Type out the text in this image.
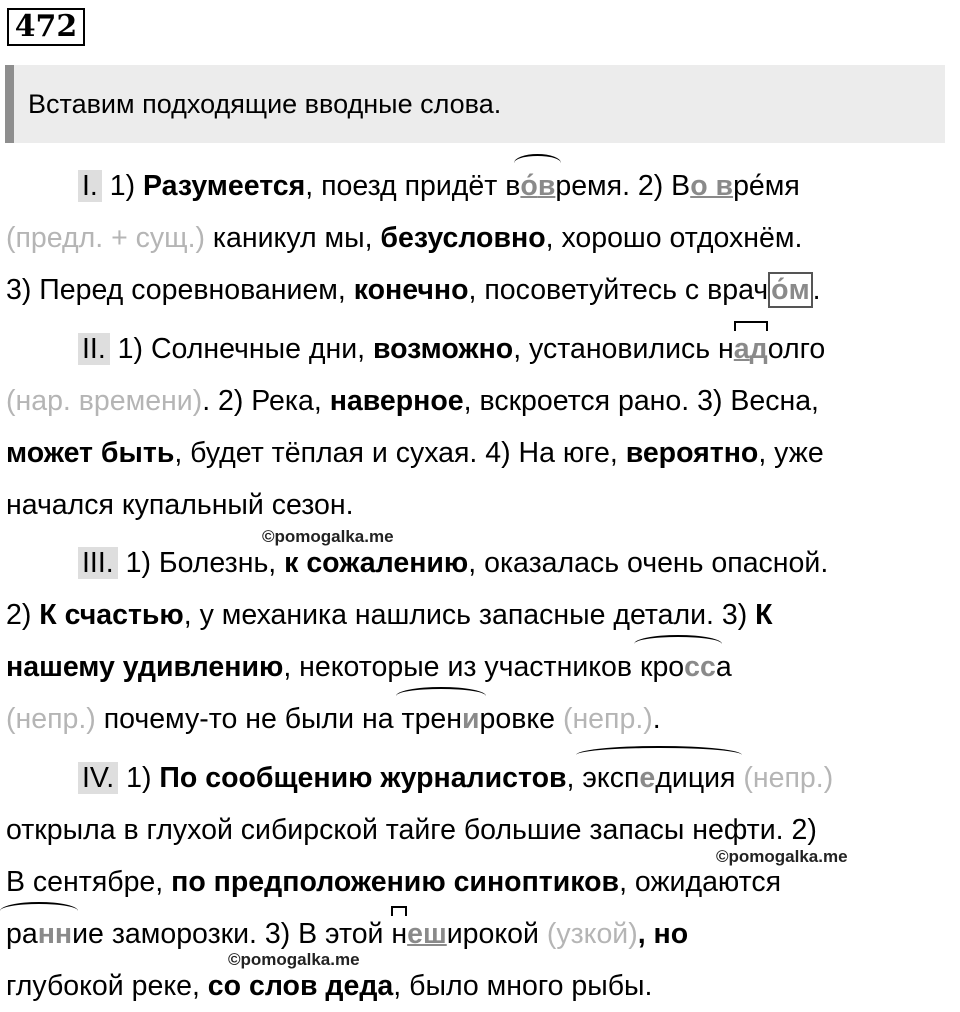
472
Вставим подходящие вводные слова.
I. 1) Разумеется, поезд придёт во́время. 2) Во вре́мя
(предл. + сущ.) каникул мы, безусловно, хорошо отдохнём.
3) Перед соревнованием, конечно, посоветуйтесь с врач о́м .
II. 1) Солнечные дни, возможно, установились надолго
(нар. времени). 2) Река, наверное, вскроется рано. 3) Весна,
может быть, будет тёплая и сухая. 4) На юге, вероятно, уже
начался купальный сезон.
©pomogalka.me
III. 1) Болезнь, к сожалению, оказалась очень опасной.
2) К счастью, у механика нашлись запасные детали. 3) К
нашему удивлению, некоторые из участников кросса
(непр.) почему-то не были на тренировке (непр.).
IV. 1) По сообщению журналистов, экспедиция (непр.)
открыла в глухой сибирской тайге большие запасы нефти. 2)
В сентябре, по предположению синоптиков, ожидаются
ранние заморозки. 3) В этой неширокой (узкой), но
глубокой реке, со слов деда, было много рыбы.
©pomogalka.me
©pomogalka.me
